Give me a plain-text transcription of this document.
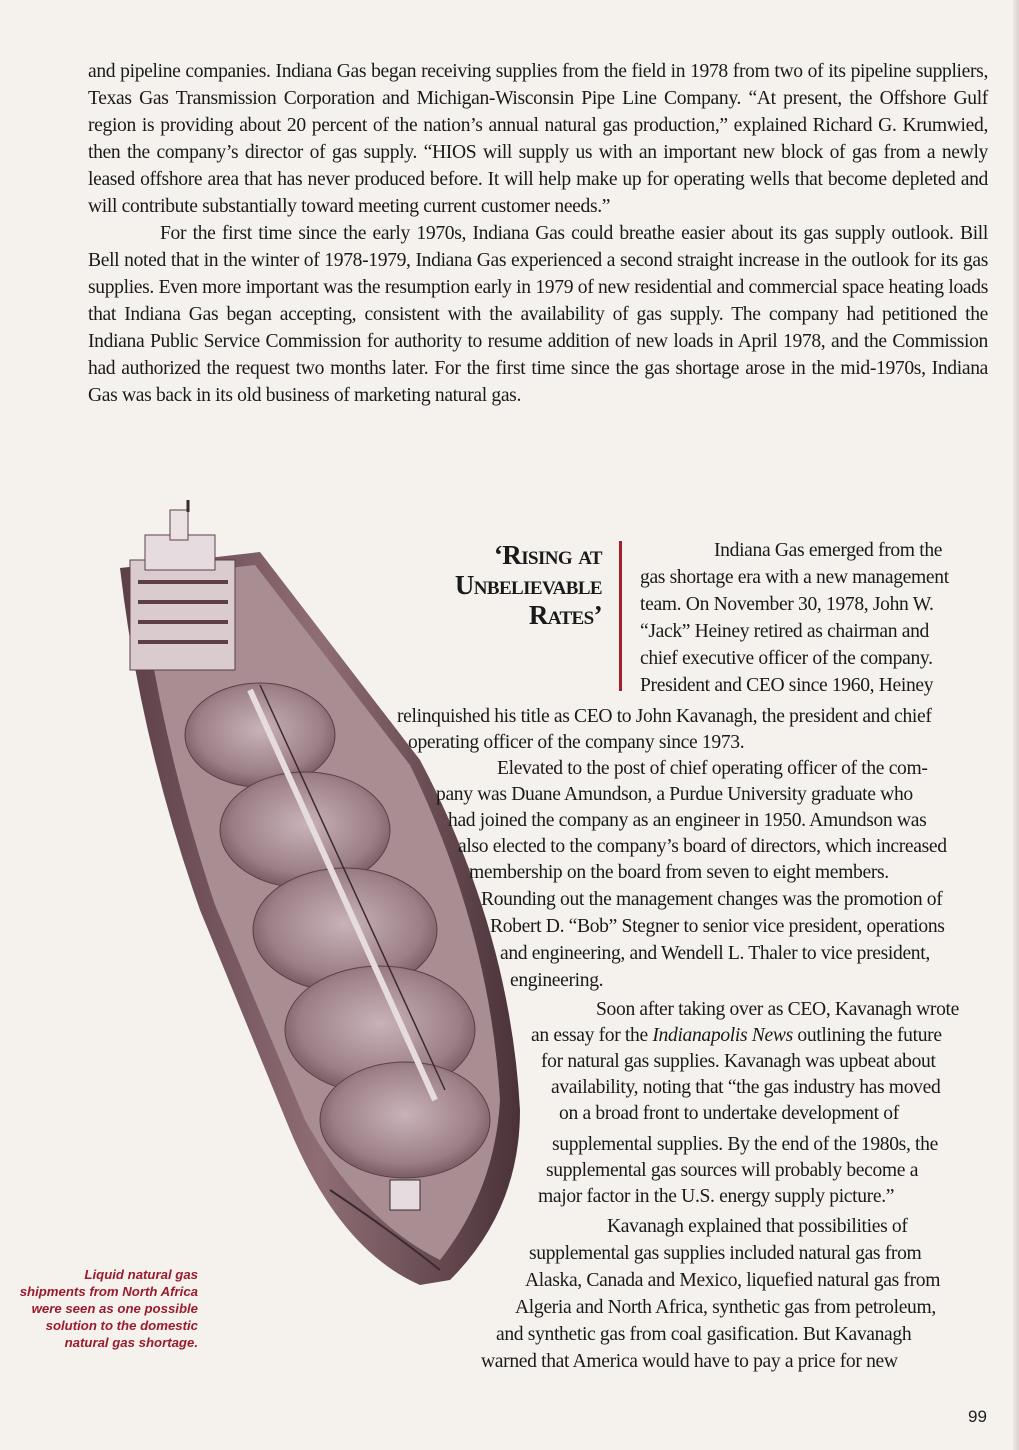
and pipeline companies. Indiana Gas began receiving supplies from the field in 1978 from two of its pipeline suppliers, Texas Gas Transmission Corporation and Michigan-Wisconsin Pipe Line Company. “At present, the Offshore Gulf region is providing about 20 percent of the nation’s annual natural gas production,” explained Richard G. Krumwied, then the company’s director of gas supply. “HIOS will supply us with an important new block of gas from a newly leased offshore area that has never produced before. It will help make up for operating wells that become depleted and will contribute substantially toward meeting current customer needs.”

For the first time since the early 1970s, Indiana Gas could breathe easier about its gas supply outlook. Bill Bell noted that in the winter of 1978-1979, Indiana Gas experienced a second straight increase in the outlook for its gas supplies. Even more important was the resumption early in 1979 of new residential and commercial space heating loads that Indiana Gas began accepting, consistent with the availability of gas supply. The company had petitioned the Indiana Public Service Commission for authority to resume addition of new loads in April 1978, and the Commission had authorized the request two months later. For the first time since the gas shortage arose in the mid-1970s, Indiana Gas was back in its old business of marketing natural gas.

‘Rising at
Unbelievable
Rates’
Indiana Gas emerged from the
gas shortage era with a new management
team. On November 30, 1978, John W.
“Jack” Heiney retired as chairman and
chief executive officer of the company.
President and CEO since 1960, Heiney
relinquished his title as CEO to John Kavanagh, the president and chief
operating officer of the company since 1973.
Elevated to the post of chief operating officer of the com-
pany was Duane Amundson, a Purdue University graduate who
had joined the company as an engineer in 1950. Amundson was
also elected to the company’s board of directors, which increased
membership on the board from seven to eight members.
Rounding out the management changes was the promotion of
Robert D. “Bob” Stegner to senior vice president, operations
and engineering, and Wendell L. Thaler to vice president,
engineering.
Soon after taking over as CEO, Kavanagh wrote
an essay for the Indianapolis News outlining the future
for natural gas supplies. Kavanagh was upbeat about
availability, noting that “the gas industry has moved
on a broad front to undertake development of
supplemental supplies. By the end of the 1980s, the
supplemental gas sources will probably become a
major factor in the U.S. energy supply picture.”
Kavanagh explained that possibilities of
supplemental gas supplies included natural gas from
Alaska, Canada and Mexico, liquefied natural gas from
Algeria and North Africa, synthetic gas from petroleum,
and synthetic gas from coal gasification. But Kavanagh
warned that America would have to pay a price for new
Liquid natural gas shipments from North Africa were seen as one possible solution to the domestic natural gas shortage.
99
